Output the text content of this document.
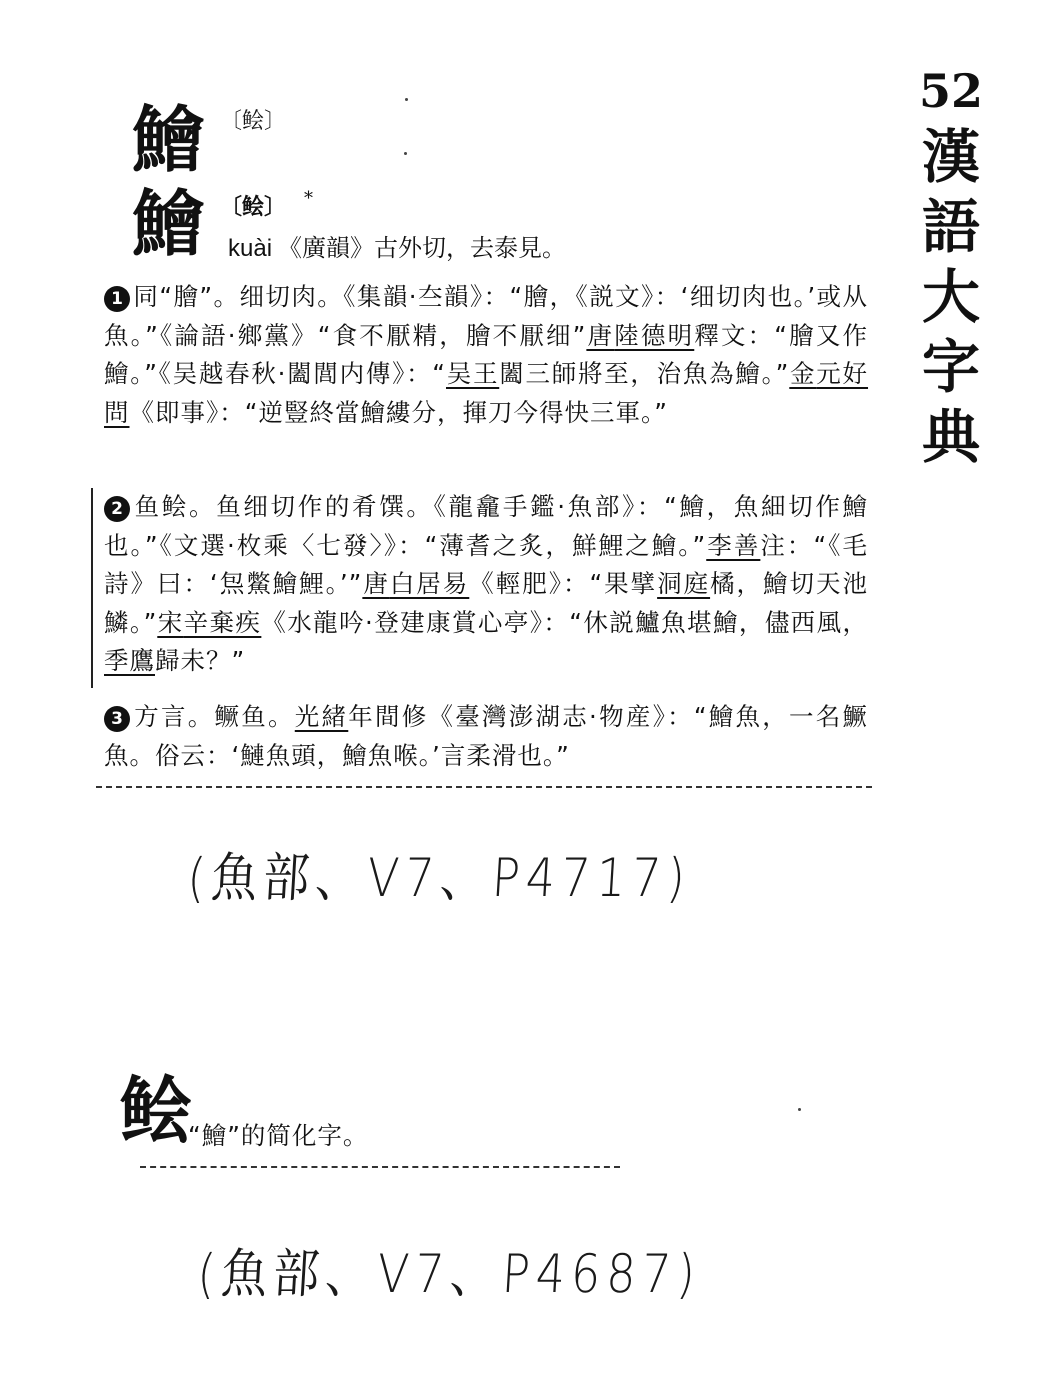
52
漢
語
大
字
典
鱠 〔鲙〕
鱠 〔鲙〕 *
kuài 《廣韻》古外切，去泰見。
1 同“膾”。细切肉。《集韻·夳韻》：“膾，《説文》：‘细切肉也。’或从魚。”《論語·鄉黨》“食不厭精，膾不厭细”唐陸德明釋文：“膾又作鱠。”《吴越春秋·闔閭内傳》：“吴王闔三師將至，治魚為鱠。”金元好問《即事》：“逆豎終當鱠縷分，揮刀今得快三軍。”
2 鱼鲙。鱼细切作的肴馔。《龍龕手鑑·魚部》：“鱠，魚細切作鱠也。”《文選·枚乘〈七發〉》：“薄耆之炙，鮮鯉之鱠。”李善注：“《毛詩》曰：‘炰鱉鱠鯉。’”唐白居易《輕肥》：“果擘洞庭橘，鱠切天池鱗。”宋辛棄疾《水龍吟·登建康賞心亭》：“休説鱸魚堪鱠，儘西風，季鷹歸未？”
3 方言。鳜鱼。光緒年間修《臺灣澎湖志·物産》：“鱠魚，一名鱖魚。俗云：‘鰱魚頭，鱠魚喉。’言柔滑也。”
(魚部、V7、P4717)
鲙
“鱠”的简化字。
(魚部、V7、P4687)
